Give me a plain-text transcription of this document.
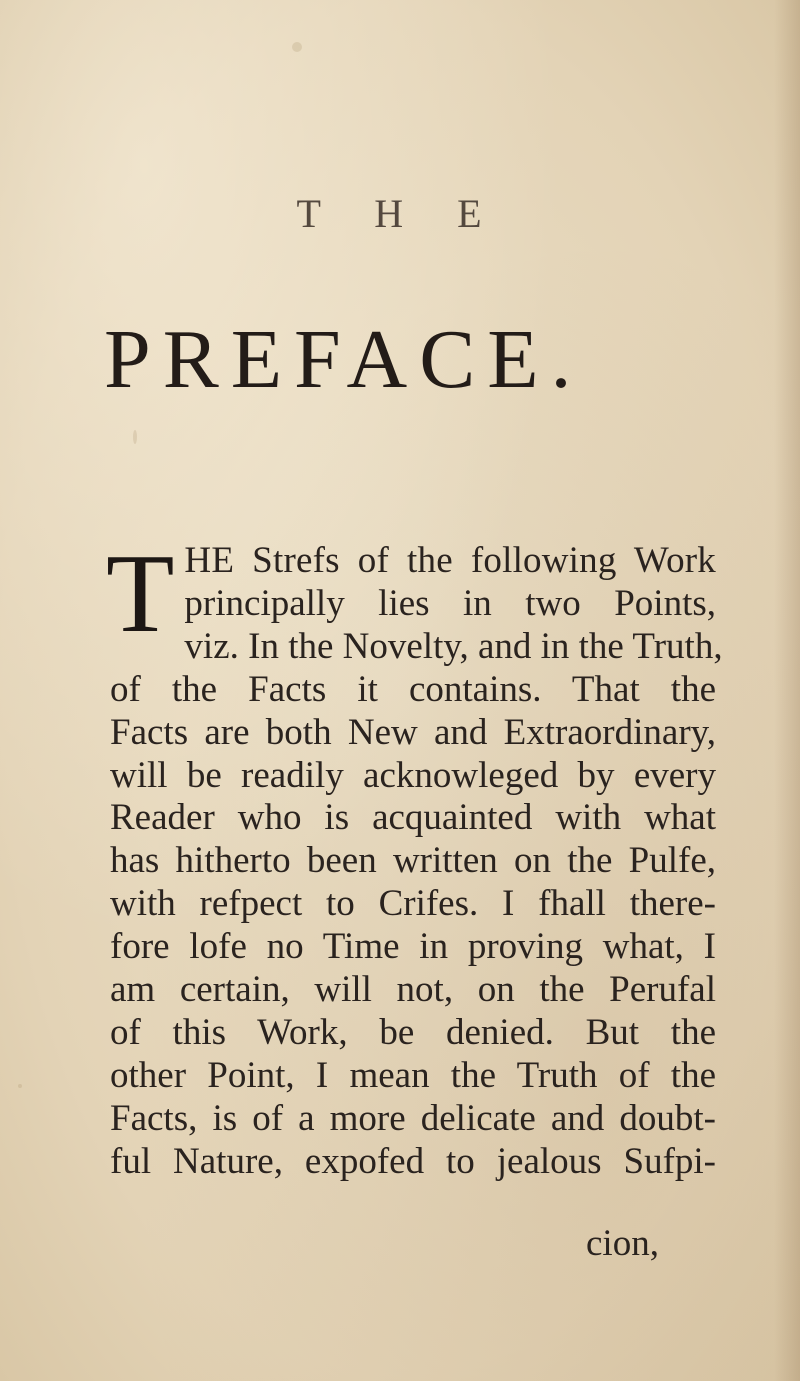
T H E
PREFACE.
T HE Strefs of the following Work
principally lies in two Points,
viz. In the Novelty, and in the Truth,
of the Facts it contains. That the
Facts are both New and Extraordinary,
will be readily acknowleged by every
Reader who is acquainted with what
has hitherto been written on the Pulfe,
with refpect to Crifes. I fhall there-
fore lofe no Time in proving what, I
am certain, will not, on the Perufal
of this Work, be denied. But the
other Point, I mean the Truth of the
Facts, is of a more delicate and doubt-
ful Nature, expofed to jealous Sufpi-
cion,
